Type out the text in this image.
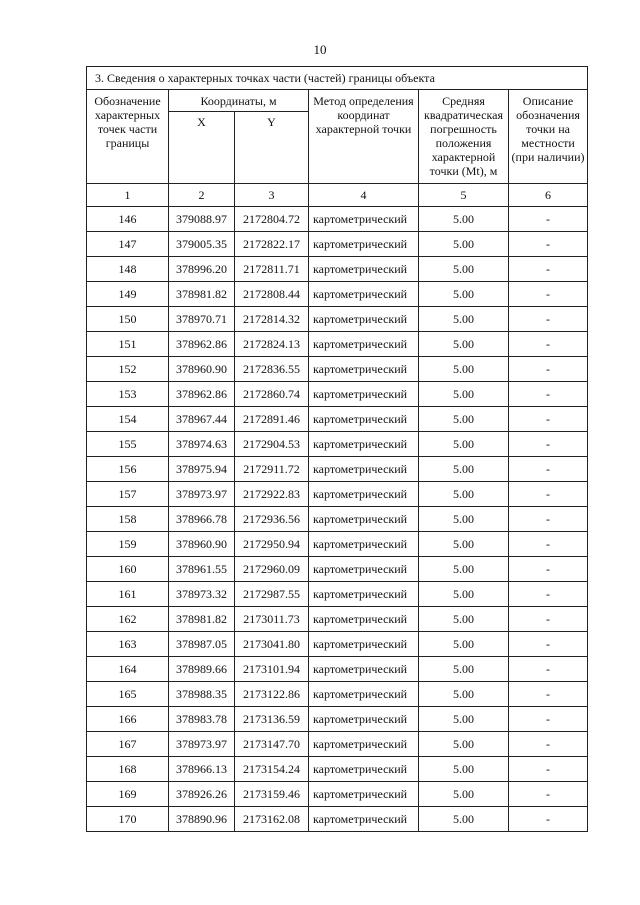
10
3. Сведения о характерных точках части (частей) границы объекта					
Обозначение характерных точек части границы	Координаты, м		Метод определения координат характерной точки	Средняя квадратическая погрешность положения характерной точки (Mt), м	Описание обозначения точки на местности (при наличии)
	X	Y			
1	2	3	4	5	6
146	379088.97	2172804.72	картометрический	5.00	-
147	379005.35	2172822.17	картометрический	5.00	-
148	378996.20	2172811.71	картометрический	5.00	-
149	378981.82	2172808.44	картометрический	5.00	-
150	378970.71	2172814.32	картометрический	5.00	-
151	378962.86	2172824.13	картометрический	5.00	-
152	378960.90	2172836.55	картометрический	5.00	-
153	378962.86	2172860.74	картометрический	5.00	-
154	378967.44	2172891.46	картометрический	5.00	-
155	378974.63	2172904.53	картометрический	5.00	-
156	378975.94	2172911.72	картометрический	5.00	-
157	378973.97	2172922.83	картометрический	5.00	-
158	378966.78	2172936.56	картометрический	5.00	-
159	378960.90	2172950.94	картометрический	5.00	-
160	378961.55	2172960.09	картометрический	5.00	-
161	378973.32	2172987.55	картометрический	5.00	-
162	378981.82	2173011.73	картометрический	5.00	-
163	378987.05	2173041.80	картометрический	5.00	-
164	378989.66	2173101.94	картометрический	5.00	-
165	378988.35	2173122.86	картометрический	5.00	-
166	378983.78	2173136.59	картометрический	5.00	-
167	378973.97	2173147.70	картометрический	5.00	-
168	378966.13	2173154.24	картометрический	5.00	-
169	378926.26	2173159.46	картометрический	5.00	-
170	378890.96	2173162.08	картометрический	5.00	-
